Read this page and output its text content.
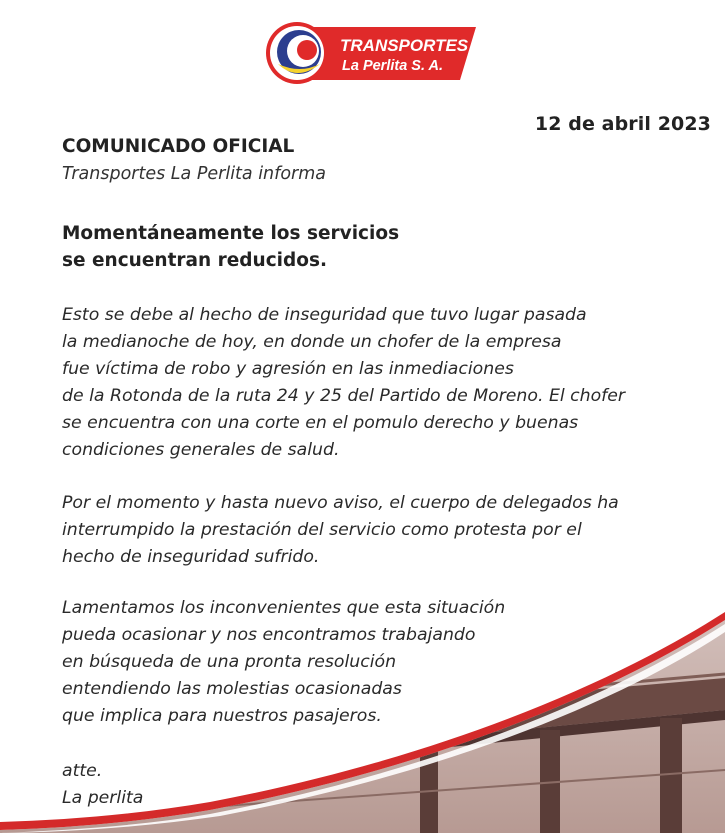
TRANSPORTES
La Perlita S. A.
12 de abril 2023
COMUNICADO OFICIAL
Transportes La Perlita informa
Momentáneamente los servicios
se encuentran reducidos.
Esto se debe al hecho de inseguridad que tuvo lugar pasada
la medianoche de hoy, en donde un chofer de la empresa
fue víctima de robo y agresión en las inmediaciones
de la Rotonda de la ruta 24 y 25 del Partido de Moreno. El chofer
se encuentra con una corte en el pomulo derecho y buenas
condiciones generales de salud.
Por el momento y hasta nuevo aviso, el cuerpo de delegados ha
interrumpido la prestación del servicio como protesta por el
hecho de inseguridad sufrido.
Lamentamos los inconvenientes que esta situación
pueda ocasionar y nos encontramos trabajando
en búsqueda de una pronta resolución
entendiendo las molestias ocasionadas
que implica para nuestros pasajeros.
atte.
La perlita
